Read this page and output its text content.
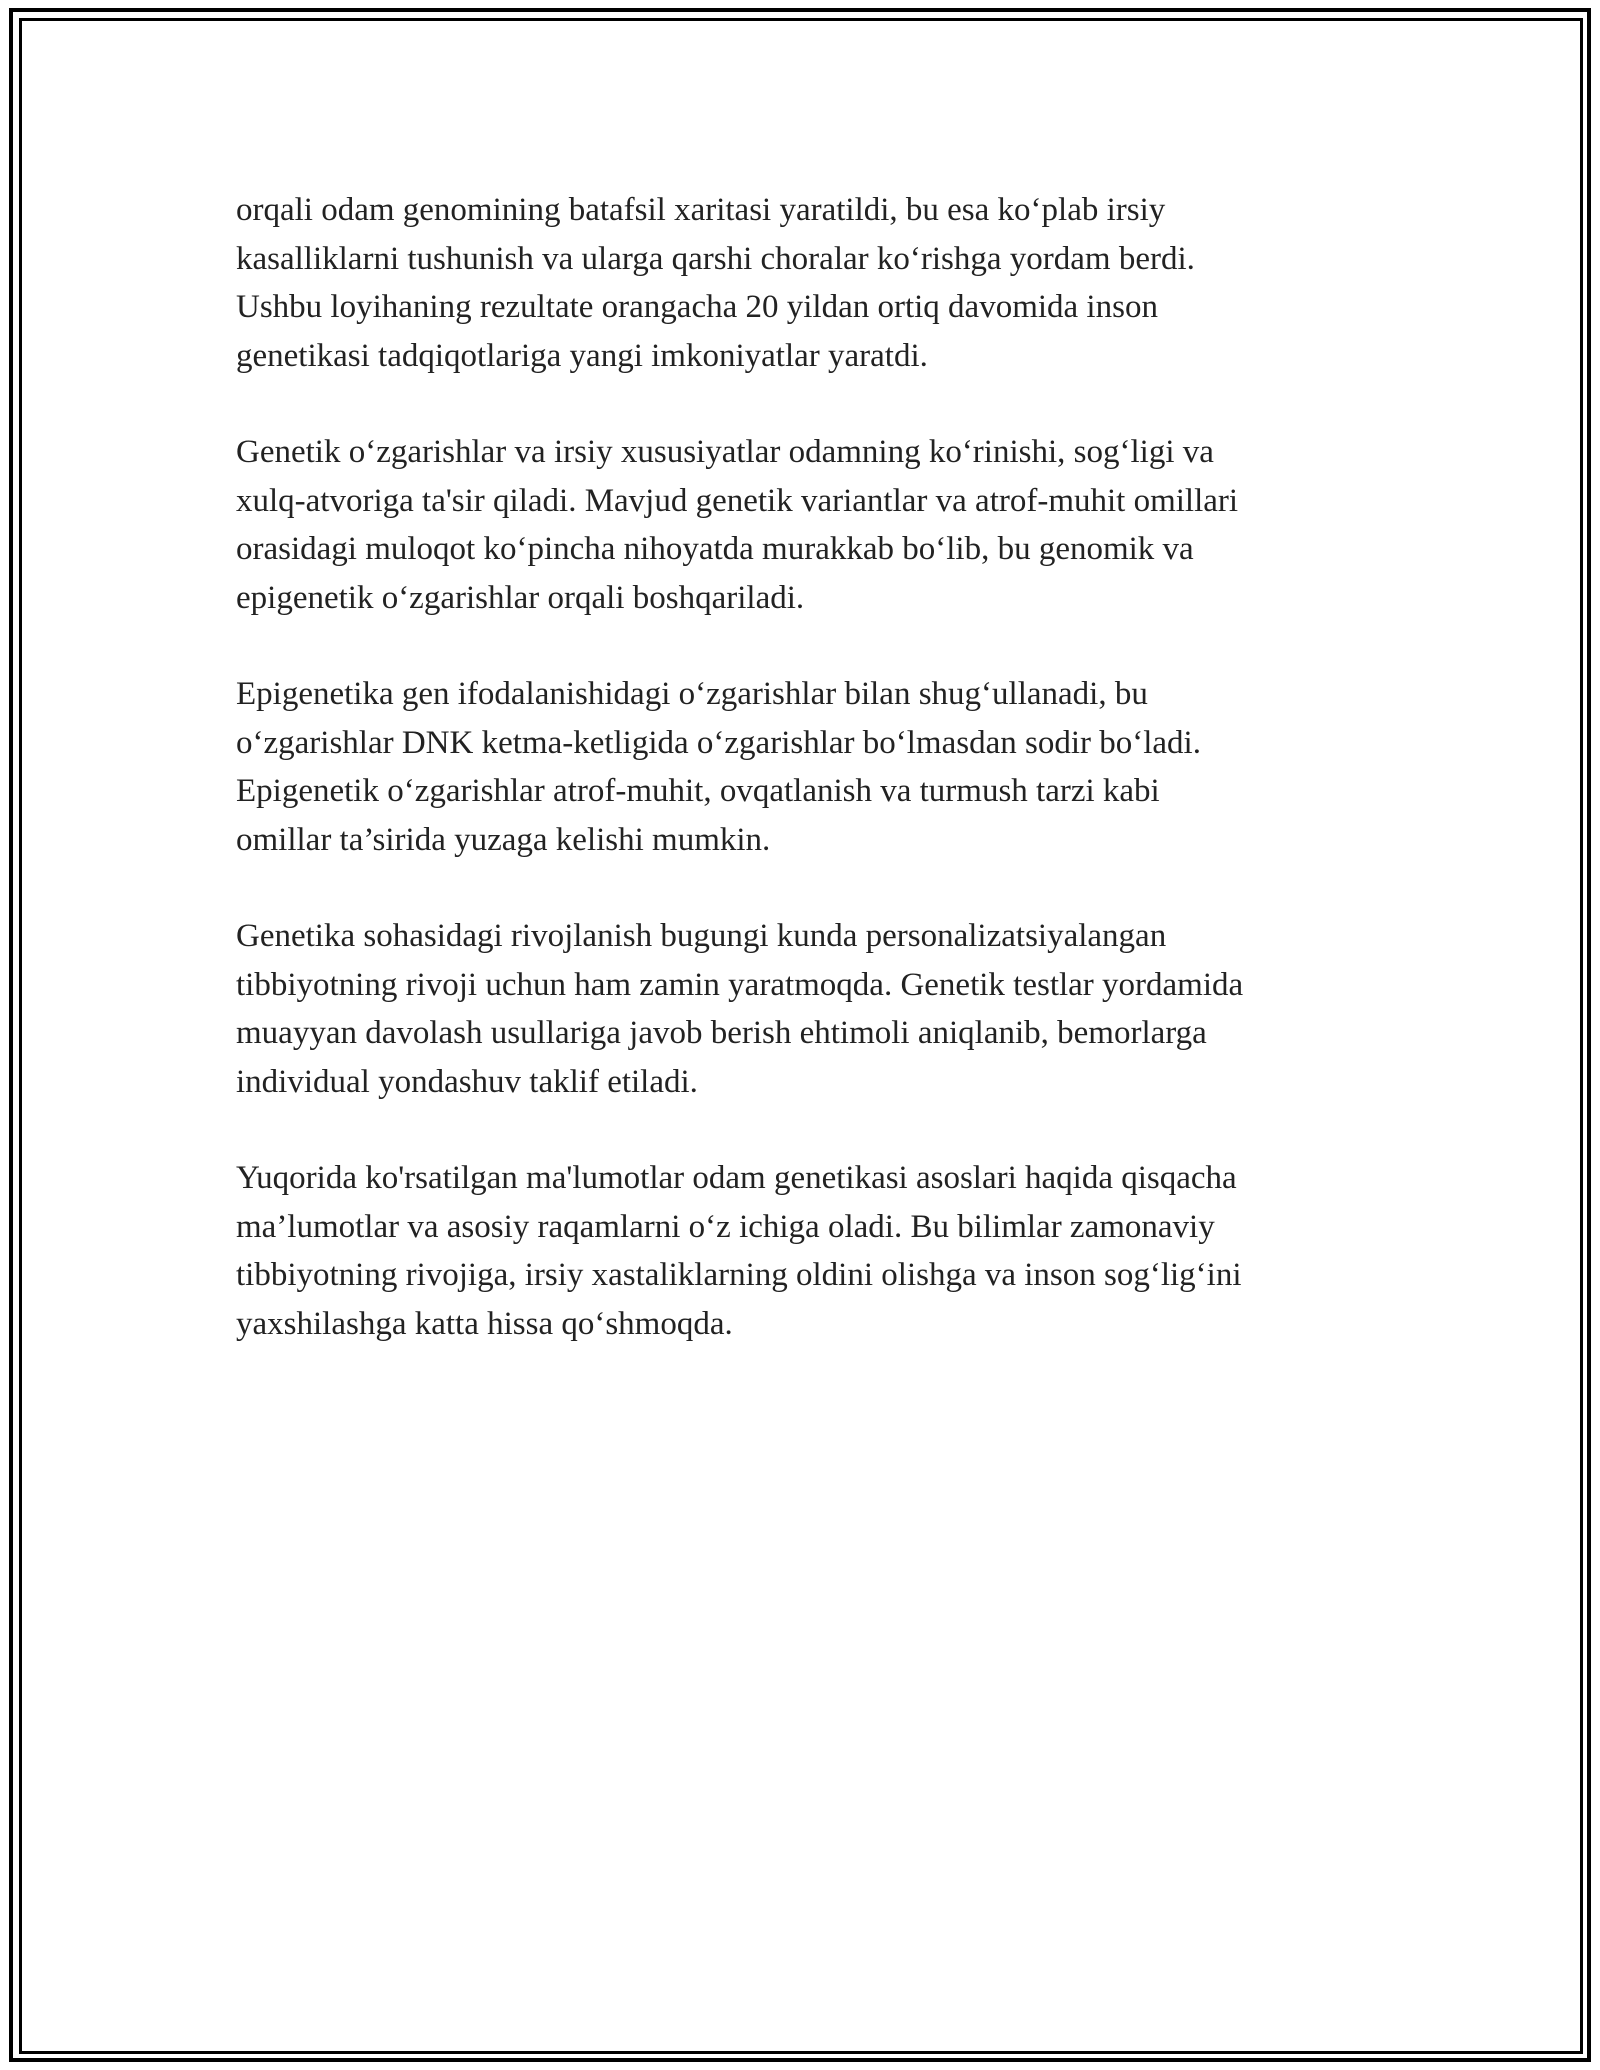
orqali odam genomining batafsil xaritasi yaratildi, bu esa ko‘plab irsiy
kasalliklarni tushunish va ularga qarshi choralar ko‘rishga yordam berdi.
Ushbu loyihaning rezultate orangacha 20 yildan ortiq davomida inson
genetikasi tadqiqotlariga yangi imkoniyatlar yaratdi.

Genetik o‘zgarishlar va irsiy xususiyatlar odamning ko‘rinishi, sog‘ligi va
xulq-atvoriga ta'sir qiladi. Mavjud genetik variantlar va atrof-muhit omillari
orasidagi muloqot ko‘pincha nihoyatda murakkab bo‘lib, bu genomik va
epigenetik o‘zgarishlar orqali boshqariladi.

Epigenetika gen ifodalanishidagi o‘zgarishlar bilan shug‘ullanadi, bu
o‘zgarishlar DNK ketma-ketligida o‘zgarishlar bo‘lmasdan sodir bo‘ladi.
Epigenetik o‘zgarishlar atrof-muhit, ovqatlanish va turmush tarzi kabi
omillar ta’sirida yuzaga kelishi mumkin.

Genetika sohasidagi rivojlanish bugungi kunda personalizatsiyalangan
tibbiyotning rivoji uchun ham zamin yaratmoqda. Genetik testlar yordamida
muayyan davolash usullariga javob berish ehtimoli aniqlanib, bemorlarga
individual yondashuv taklif etiladi.

Yuqorida ko'rsatilgan ma'lumotlar odam genetikasi asoslari haqida qisqacha
ma’lumotlar va asosiy raqamlarni o‘z ichiga oladi. Bu bilimlar zamonaviy
tibbiyotning rivojiga, irsiy xastaliklarning oldini olishga va inson sog‘lig‘ini
yaxshilashga katta hissa qo‘shmoqda.
